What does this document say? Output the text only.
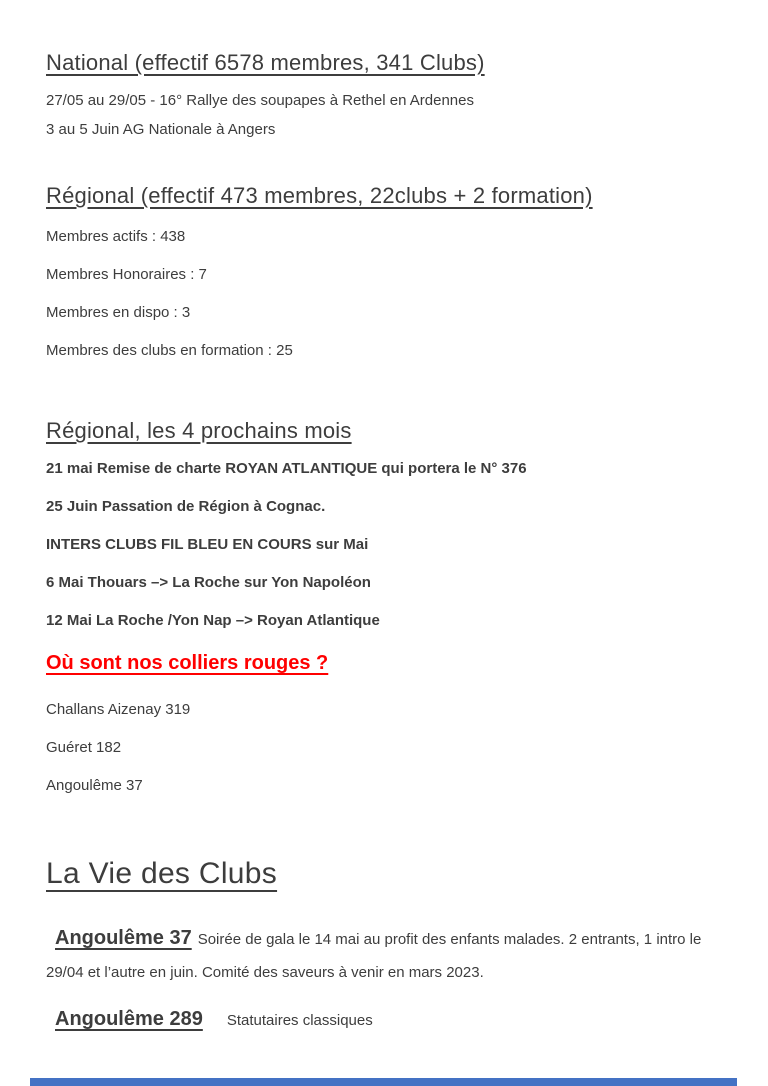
National (effectif 6578 membres, 341 Clubs)

27/05 au 29/05 - 16° Rallye des soupapes à Rethel en Ardennes

3 au 5 Juin AG Nationale à Angers

Régional (effectif 473 membres, 22clubs + 2 formation)

Membres actifs : 438

Membres Honoraires : 7

Membres en dispo : 3

Membres des clubs en formation : 25

Régional, les 4 prochains mois

21 mai Remise de charte ROYAN ATLANTIQUE qui portera le N° 376

25 Juin Passation de Région à Cognac.

INTERS CLUBS FIL BLEU EN COURS sur Mai

6 Mai Thouars –> La Roche sur Yon Napoléon

12 Mai La Roche /Yon Nap –> Royan Atlantique

Où sont nos colliers rouges ?

Challans Aizenay 319

Guéret 182

Angoulême 37

La Vie des Clubs

Angoulême 37 Soirée de gala le 14 mai au profit des enfants malades. 2 entrants, 1 intro le 29/04 et l’autre en juin. Comité des saveurs à venir en mars 2023.

Angoulême 289 Statutaires classiques
